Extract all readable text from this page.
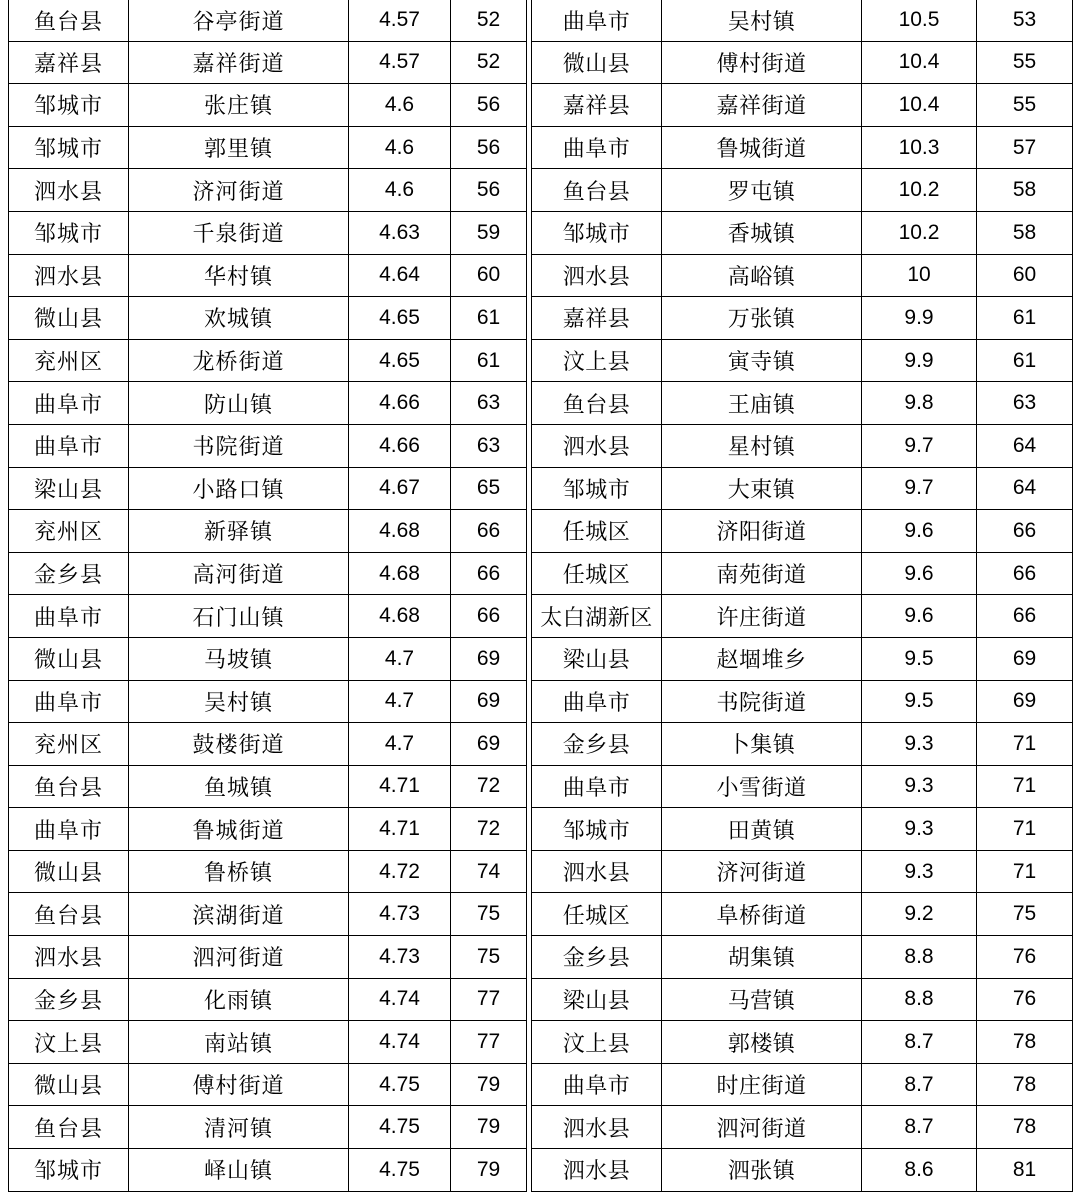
鱼台县	谷亭街道	4.57	52
嘉祥县	嘉祥街道	4.57	52
邹城市	张庄镇	4.6	56
邹城市	郭里镇	4.6	56
泗水县	济河街道	4.6	56
邹城市	千泉街道	4.63	59
泗水县	华村镇	4.64	60
微山县	欢城镇	4.65	61
兖州区	龙桥街道	4.65	61
曲阜市	防山镇	4.66	63
曲阜市	书院街道	4.66	63
梁山县	小路口镇	4.67	65
兖州区	新驿镇	4.68	66
金乡县	高河街道	4.68	66
曲阜市	石门山镇	4.68	66
微山县	马坡镇	4.7	69
曲阜市	吴村镇	4.7	69
兖州区	鼓楼街道	4.7	69
鱼台县	鱼城镇	4.71	72
曲阜市	鲁城街道	4.71	72
微山县	鲁桥镇	4.72	74
鱼台县	滨湖街道	4.73	75
泗水县	泗河街道	4.73	75
金乡县	化雨镇	4.74	77
汶上县	南站镇	4.74	77
微山县	傅村街道	4.75	79
鱼台县	清河镇	4.75	79
邹城市	峄山镇	4.75	79
曲阜市	吴村镇	10.5	53
微山县	傅村街道	10.4	55
嘉祥县	嘉祥街道	10.4	55
曲阜市	鲁城街道	10.3	57
鱼台县	罗屯镇	10.2	58
邹城市	香城镇	10.2	58
泗水县	高峪镇	10	60
嘉祥县	万张镇	9.9	61
汶上县	寅寺镇	9.9	61
鱼台县	王庙镇	9.8	63
泗水县	星村镇	9.7	64
邹城市	大束镇	9.7	64
任城区	济阳街道	9.6	66
任城区	南苑街道	9.6	66
太白湖新区	许庄街道	9.6	66
梁山县	赵堌堆乡	9.5	69
曲阜市	书院街道	9.5	69
金乡县	卜集镇	9.3	71
曲阜市	小雪街道	9.3	71
邹城市	田黄镇	9.3	71
泗水县	济河街道	9.3	71
任城区	阜桥街道	9.2	75
金乡县	胡集镇	8.8	76
梁山县	马营镇	8.8	76
汶上县	郭楼镇	8.7	78
曲阜市	时庄街道	8.7	78
泗水县	泗河街道	8.7	78
泗水县	泗张镇	8.6	81
